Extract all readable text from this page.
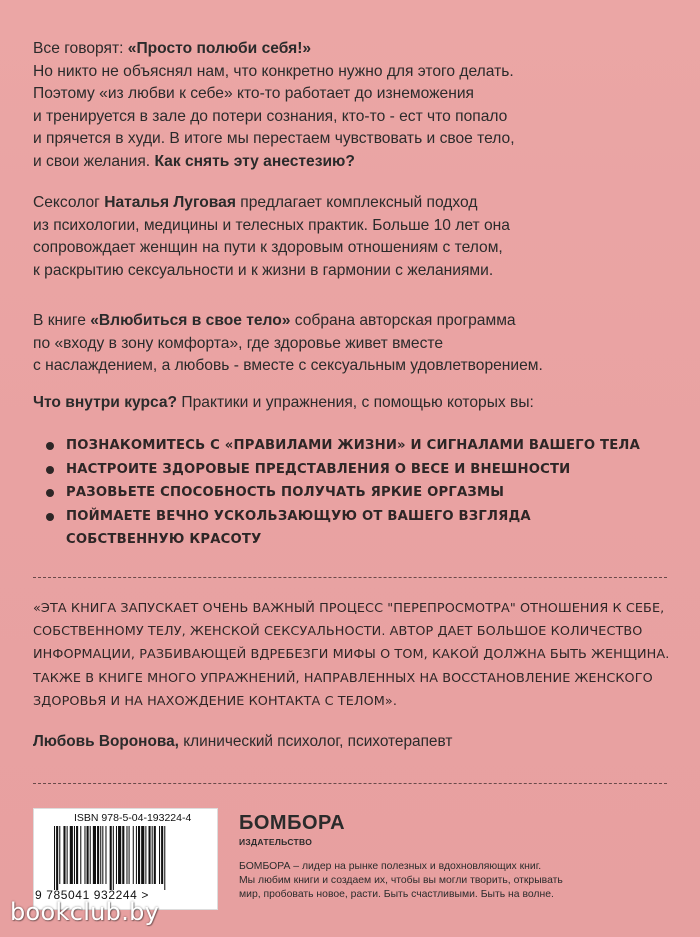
Все говорят: «Просто полюби себя!»
Но никто не объяснял нам, что конкретно нужно для этого делать.
Поэтому «из любви к себе» кто-то работает до изнеможения
и тренируется в зале до потери сознания, кто-то - ест что попало
и прячется в худи. В итоге мы перестаем чувствовать и свое тело,
и свои желания. Как снять эту анестезию?

Сексолог Наталья Луговая предлагает комплексный подход
из психологии, медицины и телесных практик. Больше 10 лет она
сопровождает женщин на пути к здоровым отношениям с телом,
к раскрытию сексуальности и к жизни в гармонии с желаниями.

В книге «Влюбиться в свое тело» собрана авторская программа
по «входу в зону комфорта», где здоровье живет вместе
с наслаждением, а любовь - вместе с сексуальным удовлетворением.

Что внутри курса? Практики и упражнения, с помощью которых вы:

ПОЗНАКОМИТЕСЬ С «ПРАВИЛАМИ ЖИЗНИ» И СИГНАЛАМИ ВАШЕГО ТЕЛА
НАСТРОИТЕ ЗДОРОВЫЕ ПРЕДСТАВЛЕНИЯ О ВЕСЕ И ВНЕШНОСТИ
РАЗОВЬЕТЕ СПОСОБНОСТЬ ПОЛУЧАТЬ ЯРКИЕ ОРГАЗМЫ
ПОЙМАЕТЕ ВЕЧНО УСКОЛЬЗАЮЩУЮ ОТ ВАШЕГО ВЗГЛЯДА
СОБСТВЕННУЮ КРАСОТУ

«ЭТА КНИГА ЗАПУСКАЕТ ОЧЕНЬ ВАЖНЫЙ ПРОЦЕСС "ПЕРЕПРОСМОТРА" ОТНОШЕНИЯ К СЕБЕ,
СОБСТВЕННОМУ ТЕЛУ, ЖЕНСКОЙ СЕКСУАЛЬНОСТИ. АВТОР ДАЕТ БОЛЬШОЕ КОЛИЧЕСТВО
ИНФОРМАЦИИ, РАЗБИВАЮЩЕЙ ВДРЕБЕЗГИ МИФЫ О ТОМ, КАКОЙ ДОЛЖНА БЫТЬ ЖЕНЩИНА.
ТАКЖЕ В КНИГЕ МНОГО УПРАЖНЕНИЙ, НАПРАВЛЕННЫХ НА ВОССТАНОВЛЕНИЕ ЖЕНСКОГО
ЗДОРОВЬЯ И НА НАХОЖДЕНИЕ КОНТАКТА С ТЕЛОМ».

Любовь Воронова, клинический психолог, психотерапевт
ISBN 978-5-04-193224-4
9 785041 932244 >
БОМБОРА
ИЗДАТЕЛЬСТВО
БОМБОРА – лидер на рынке полезных и вдохновляющих книг.
Мы любим книги и создаем их, чтобы вы могли творить, открывать
мир, пробовать новое, расти. Быть счастливыми. Быть на волне.
bookclub.by
